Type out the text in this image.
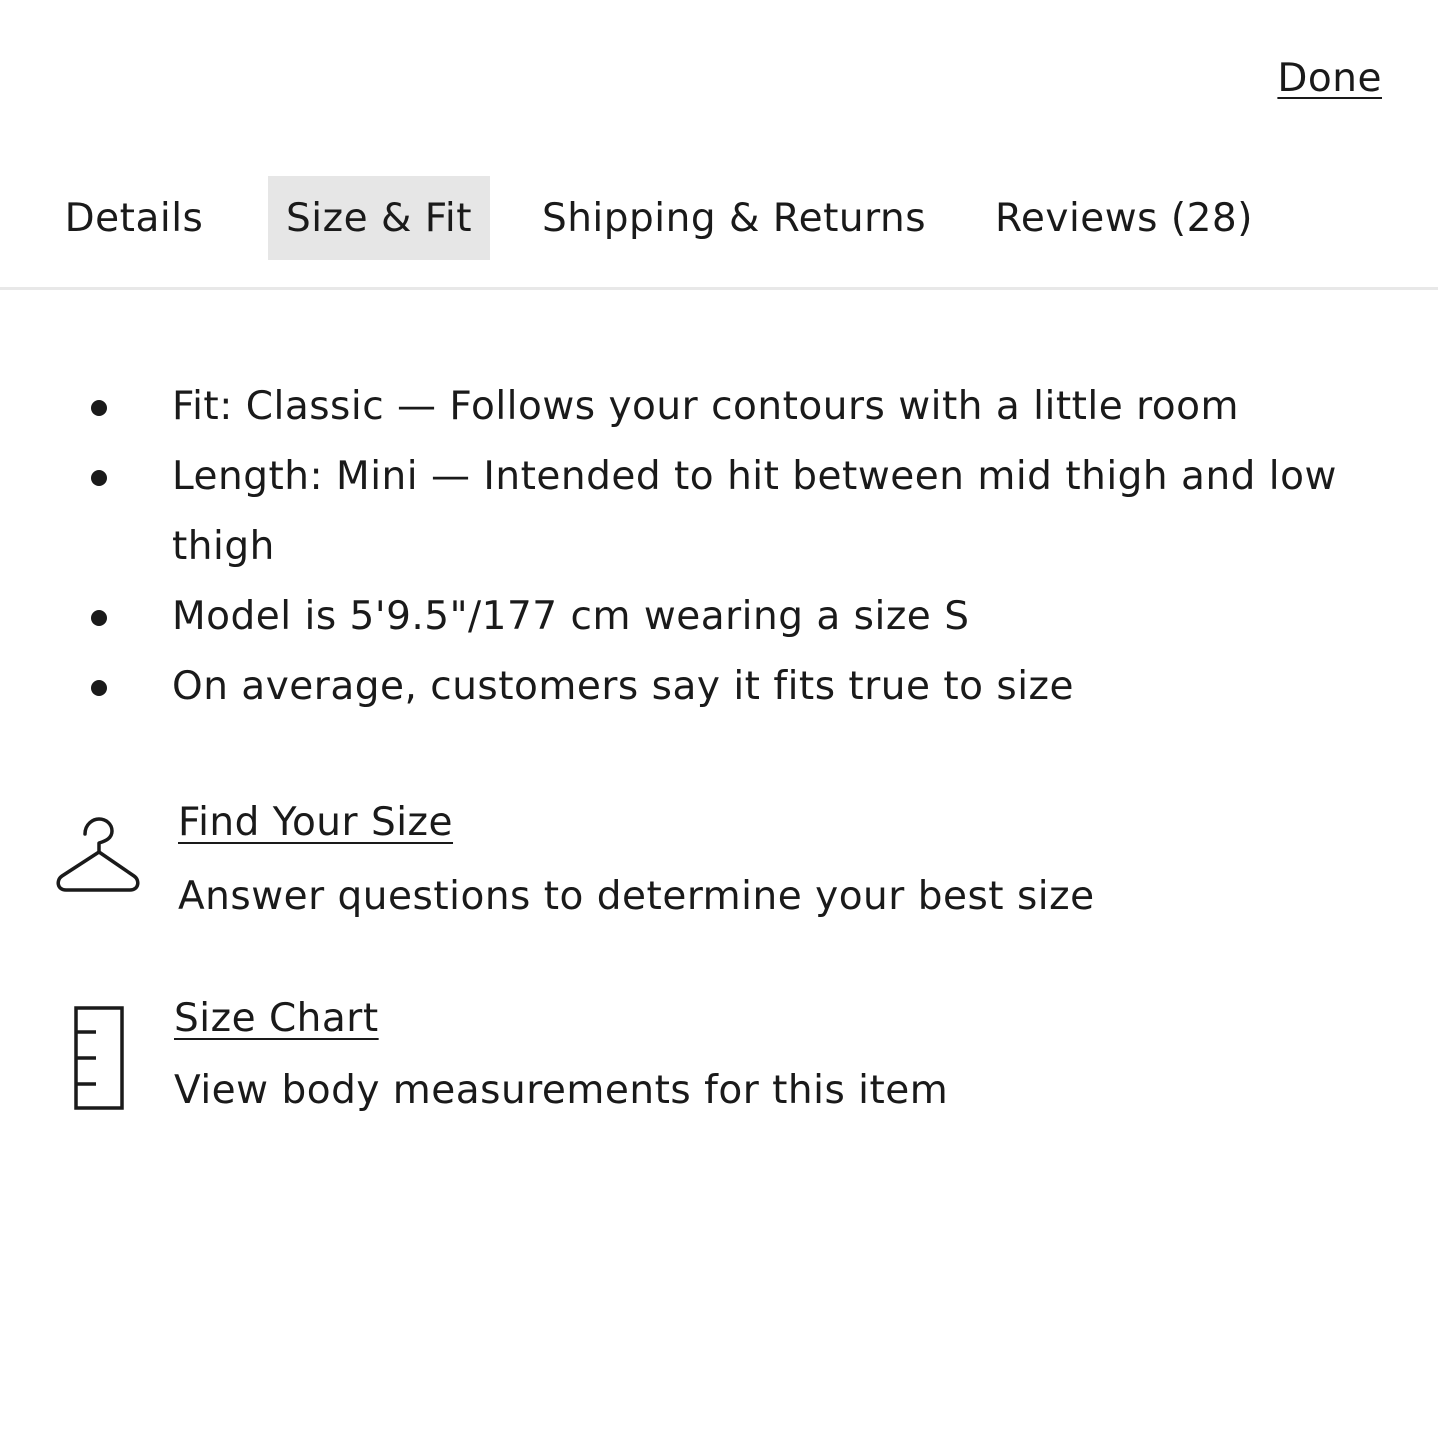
Done
Details	Size & Fit	Shipping & Returns	Reviews (28)
Fit: Classic — Follows your contours with a little room
Length: Mini — Intended to hit between mid thigh and low thigh
Model is 5'9.5"/177 cm wearing a size S
On average, customers say it fits true to size
Find Your Size
Answer questions to determine your best size
Size Chart
View body measurements for this item
